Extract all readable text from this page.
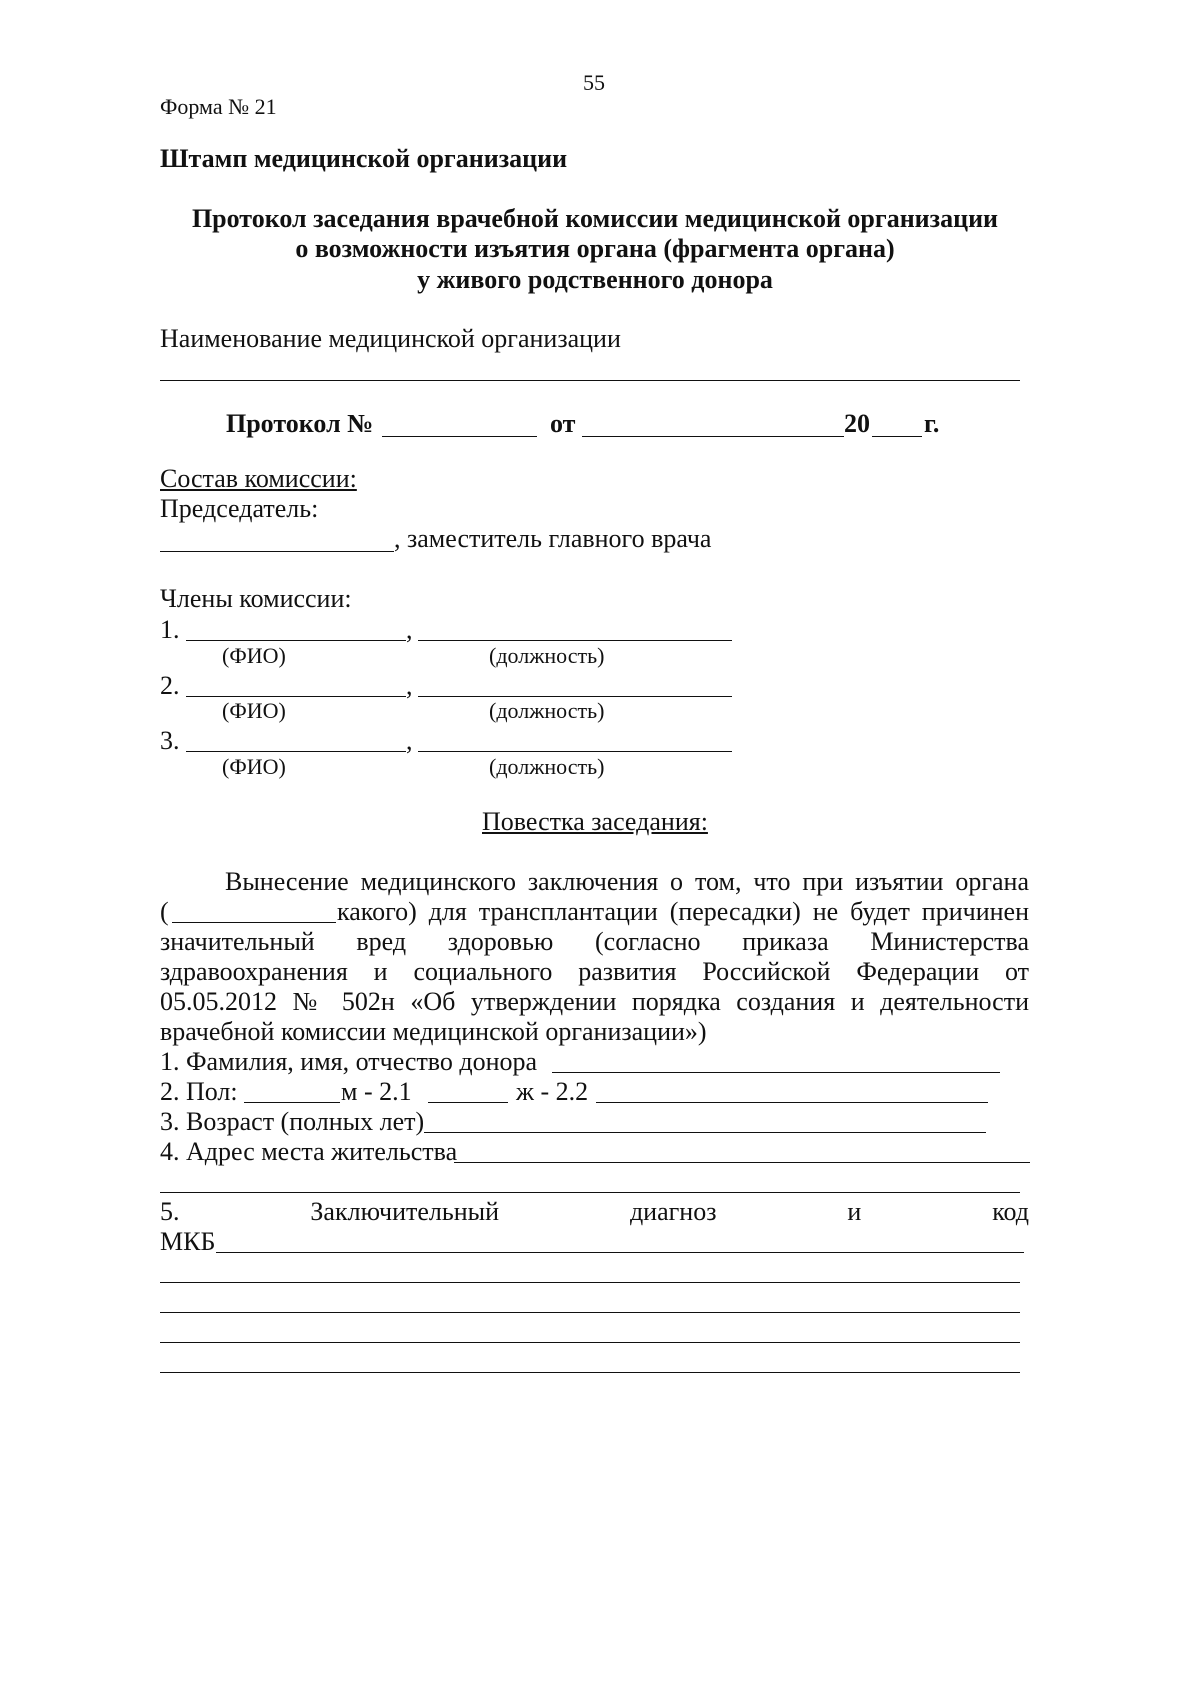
55
Форма № 21
Штамп медицинской организации
Протокол заседания врачебной комиссии медицинской организации
о возможности изъятия органа (фрагмента органа)
у живого родственного донора
Наименование медицинской организации
Протокол №	от	20 г.
Состав комиссии:
Председатель:
, заместитель главного врача
Члены комиссии:
1.	,
(ФИО)	(должность)
2.	,
(ФИО)	(должность)
3.	,
(ФИО)	(должность)
Повестка заседания:
Вынесение медицинского заключения о том, что при изъятии органа
(	какого) для трансплантации (пересадки) не будет причинен
значительный вред здоровью (согласно приказа Министерства
здравоохранения и социального развития Российской Федерации от
05.05.2012 № 502н «Об утверждении порядка создания и деятельности
врачебной комиссии медицинской организации»)
1. Фамилия, имя, отчество донора
2. Пол:	м - 2.1	ж - 2.2
3. Возраст (полных лет)
4. Адрес места жительства
5. Заключительный диагноз и код
МКБ
